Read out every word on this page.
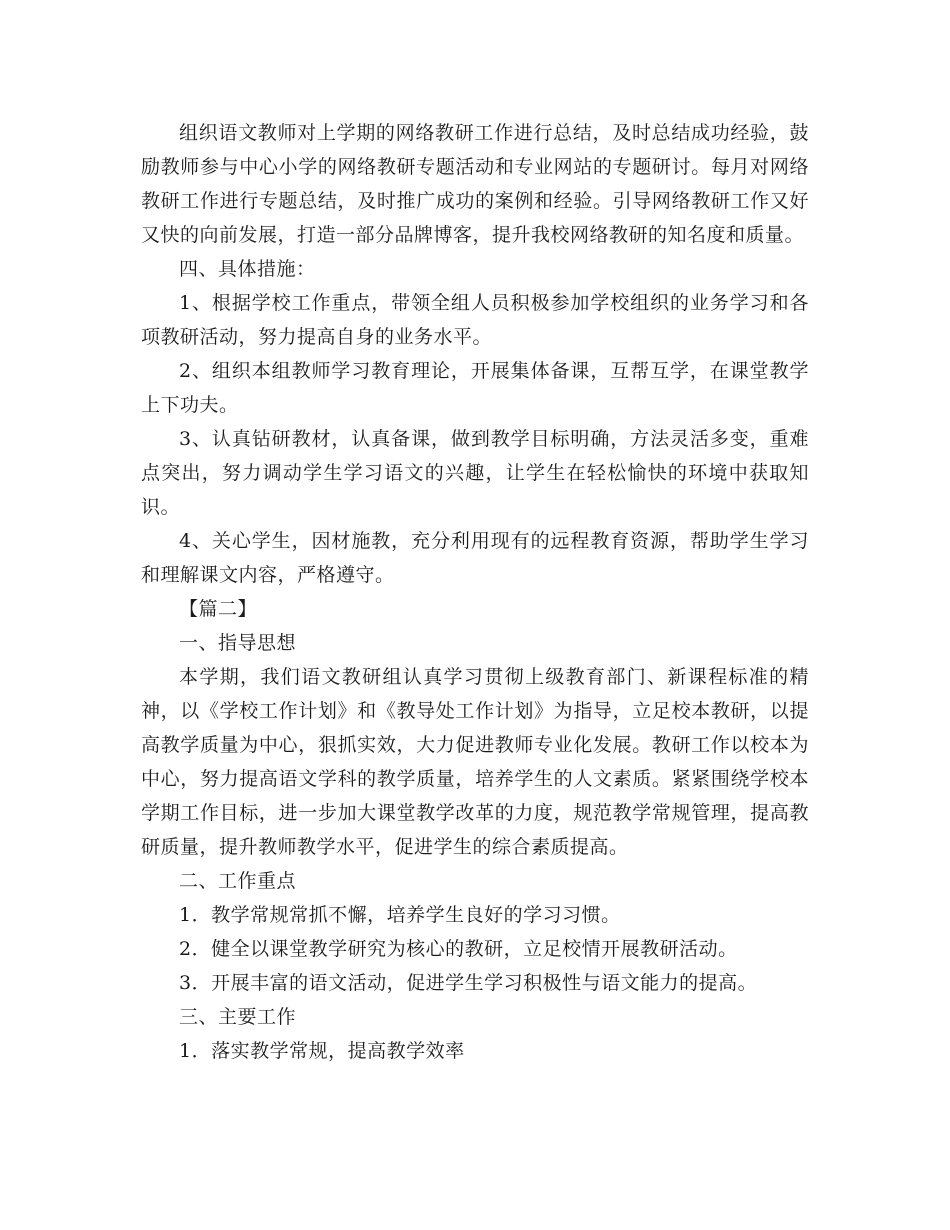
组织语文教师对上学期的网络教研工作进行总结，及时总结成功经验，鼓励教师参与中心小学的网络教研专题活动和专业网站的专题研讨。每月对网络教研工作进行专题总结，及时推广成功的案例和经验。引导网络教研工作又好又快的向前发展，打造一部分品牌博客，提升我校网络教研的知名度和质量。

四、具体措施：

1、根据学校工作重点，带领全组人员积极参加学校组织的业务学习和各项教研活动，努力提高自身的业务水平。

2、组织本组教师学习教育理论，开展集体备课，互帮互学，在课堂教学上下功夫。

3、认真钻研教材，认真备课，做到教学目标明确，方法灵活多变，重难点突出，努力调动学生学习语文的兴趣，让学生在轻松愉快的环境中获取知识。

4、关心学生，因材施教，充分利用现有的远程教育资源，帮助学生学习和理解课文内容，严格遵守。

【篇二】

一、指导思想

本学期，我们语文教研组认真学习贯彻上级教育部门、新课程标准的精神，以《学校工作计划》和《教导处工作计划》为指导，立足校本教研，以提高教学质量为中心，狠抓实效，大力促进教师专业化发展。教研工作以校本为中心，努力提高语文学科的教学质量，培养学生的人文素质。紧紧围绕学校本学期工作目标，进一步加大课堂教学改革的力度，规范教学常规管理，提高教研质量，提升教师教学水平，促进学生的综合素质提高。

二、工作重点

1．教学常规常抓不懈，培养学生良好的学习习惯。

2．健全以课堂教学研究为核心的教研，立足校情开展教研活动。

3．开展丰富的语文活动，促进学生学习积极性与语文能力的提高。

三、主要工作

1．落实教学常规，提高教学效率
